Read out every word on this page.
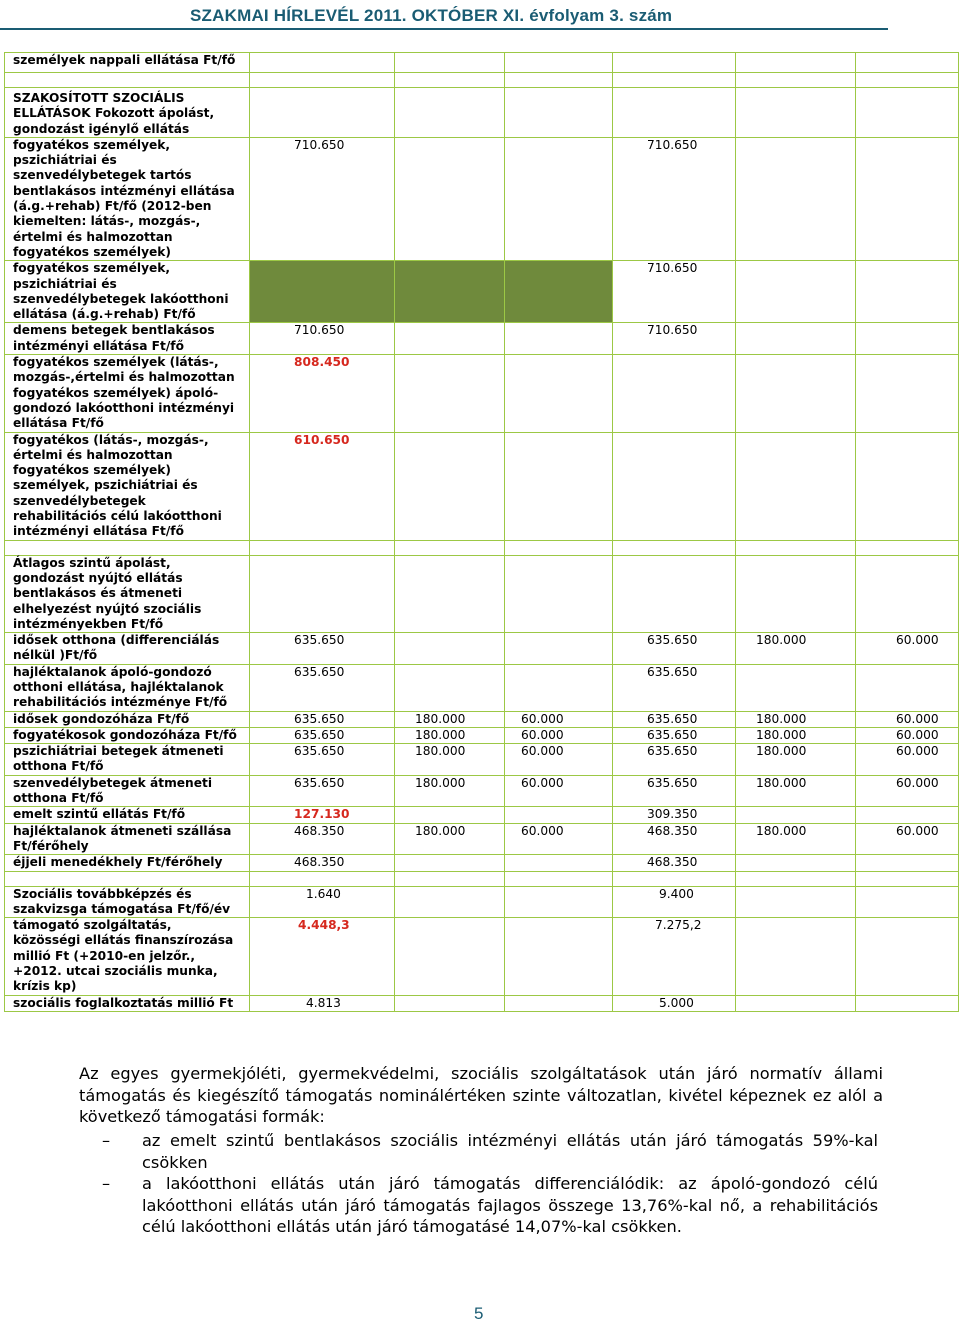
SZAKMAI HÍRLEVÉL 2011. OKTÓBER XI. évfolyam 3. szám
személyek nappali ellátása Ft/fő						

SZAKOSÍTOTT SZOCIÁLIS ELLÁTÁSOK Fokozott ápolást, gondozást igénylő ellátás						
fogyatékos személyek, pszichiátriai és szenvedélybetegek tartós bentlakásos intézményi ellátása (á.g.+rehab) Ft/fő (2012-ben kiemelten: látás-, mozgás-, értelmi és halmozottan fogyatékos személyek)	710.650			710.650		
fogyatékos személyek, pszichiátriai és szenvedélybetegek lakóotthoni ellátása (á.g.+rehab) Ft/fő				710.650		
demens betegek bentlakásos intézményi ellátása Ft/fő	710.650			710.650		
fogyatékos személyek (látás-, mozgás-,értelmi és halmozottan fogyatékos személyek) ápoló-gondozó lakóotthoni intézményi ellátása Ft/fő	808.450					
fogyatékos (látás-, mozgás-, értelmi és halmozottan fogyatékos személyek) személyek, pszichiátriai és szenvedélybetegek rehabilitációs célú lakóotthoni intézményi ellátása Ft/fő	610.650					

Átlagos szintű ápolást, gondozást nyújtó ellátás bentlakásos és átmeneti elhelyezést nyújtó szociális intézményekben Ft/fő						
idősek otthona (differenciálás nélkül )Ft/fő	635.650			635.650	180.000	60.000
hajléktalanok ápoló-gondozó otthoni ellátása, hajléktalanok rehabilitációs intézménye Ft/fő	635.650			635.650		
idősek gondozóháza Ft/fő	635.650	180.000	60.000	635.650	180.000	60.000
fogyatékosok gondozóháza Ft/fő	635.650	180.000	60.000	635.650	180.000	60.000
pszichiátriai betegek átmeneti otthona Ft/fő	635.650	180.000	60.000	635.650	180.000	60.000
szenvedélybetegek átmeneti otthona Ft/fő	635.650	180.000	60.000	635.650	180.000	60.000
emelt szintű ellátás Ft/fő	127.130			309.350		
hajléktalanok átmeneti szállása Ft/férőhely	468.350	180.000	60.000	468.350	180.000	60.000
éjjeli menedékhely Ft/férőhely	468.350			468.350		

Szociális továbbképzés és szakvizsga támogatása Ft/fő/év	1.640			9.400		
támogató szolgáltatás, közösségi ellátás finanszírozása millió Ft (+2010-en jelzőr., +2012. utcai szociális munka, krízis kp)	4.448,3			7.275,2		
szociális foglalkoztatás millió Ft	4.813			5.000		
Az egyes gyermekjóléti, gyermekvédelmi, szociális szolgáltatások után járó normatív állami támogatás és kiegészítő támogatás nominálértéken szinte változatlan, kivétel képeznek ez alól a következő támogatási formák:
– az emelt szintű bentlakásos szociális intézményi ellátás után járó támogatás 59%-kal csökken
– a lakóotthoni ellátás után járó támogatás differenciálódik: az ápoló-gondozó célú lakóotthoni ellátás után járó támogatás fajlagos összege 13,76%-kal nő, a rehabilitációs célú lakóotthoni ellátás után járó támogatásé 14,07%-kal csökken.
5
